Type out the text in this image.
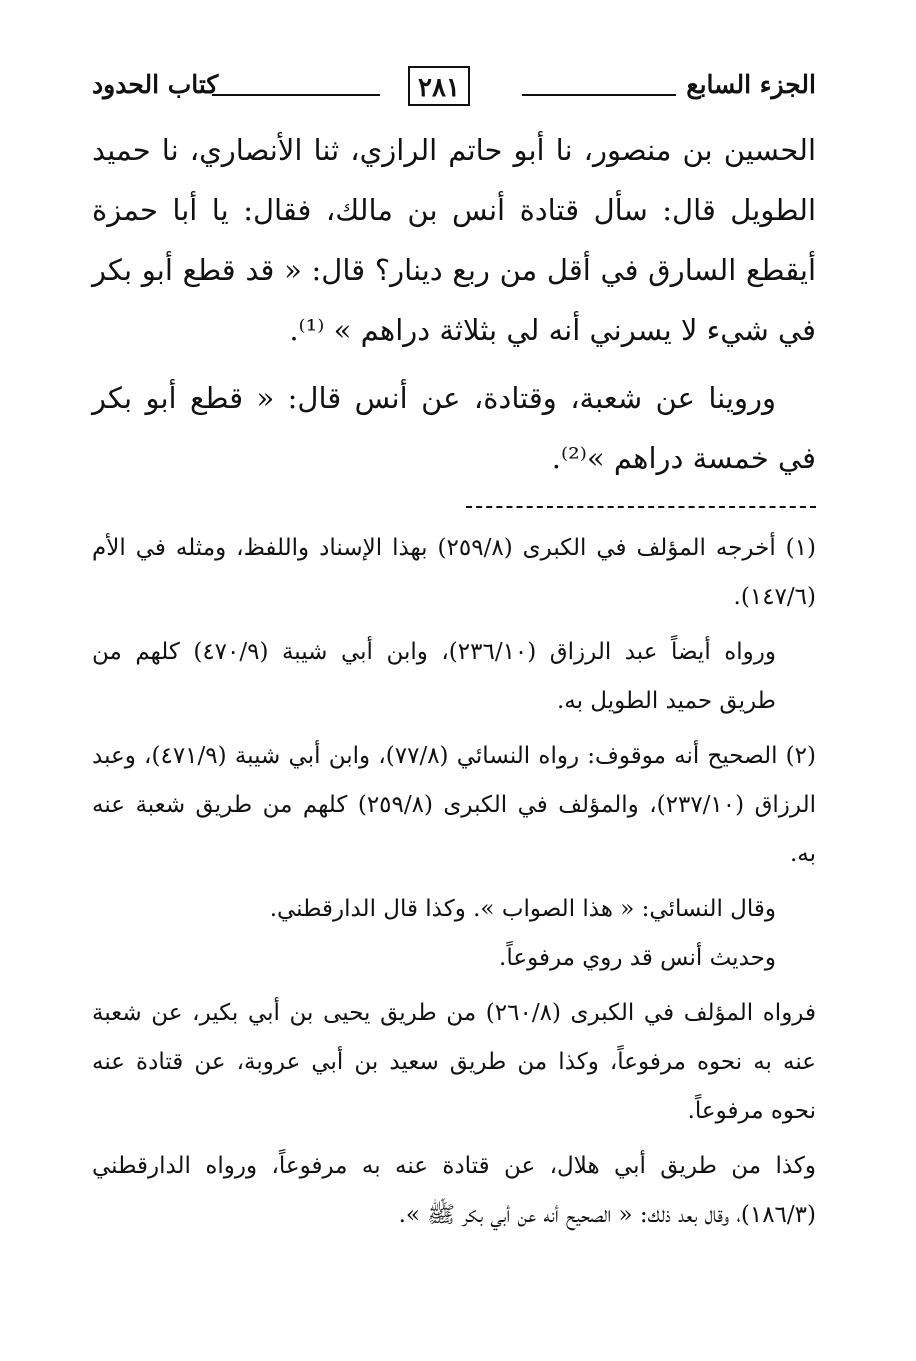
الجزء السابع
٢٨١
كتاب الحدود

الحسين بن منصور، نا أبو حاتم الرازي، ثنا الأنصاري، نا حميد الطويل قال: سأل قتادة أنس بن مالك، فقال: يا أبا حمزة أيقطع السارق في أقل من ربع دينار؟ قال: « قد قطع أبو بكر في شيء لا يسرني أنه لي بثلاثة دراهم » ⁽¹⁾.

وروينا عن شعبة، وقتادة، عن أنس قال: « قطع أبو بكر في خمسة دراهم »⁽²⁾.

(١) أخرجه المؤلف في الكبرى (٢٥٩/٨) بهذا الإسناد واللفظ، ومثله في الأم (١٤٧/٦).

ورواه أيضاً عبد الرزاق (٢٣٦/١٠)، وابن أبي شيبة (٤٧٠/٩) كلهم من طريق حميد الطويل به.

(٢) الصحيح أنه موقوف: رواه النسائي (٧٧/٨)، وابن أبي شيبة (٤٧١/٩)، وعبد الرزاق (٢٣٧/١٠)، والمؤلف في الكبرى (٢٥٩/٨) كلهم من طريق شعبة عنه به.

وقال النسائي: « هذا الصواب ». وكذا قال الدارقطني.

وحديث أنس قد روي مرفوعاً.

فرواه المؤلف في الكبرى (٢٦٠/٨) من طريق يحيى بن أبي بكير، عن شعبة عنه به نحوه مرفوعاً، وكذا من طريق سعيد بن أبي عروبة، عن قتادة عنه نحوه مرفوعاً.

وكذا من طريق أبي هلال، عن قتادة عنه به مرفوعاً، ورواه الدارقطني (١٨٦/٣)، وقال بعد ذلك: « الصحيح أنه عن أبي بكر ﷺ ».
